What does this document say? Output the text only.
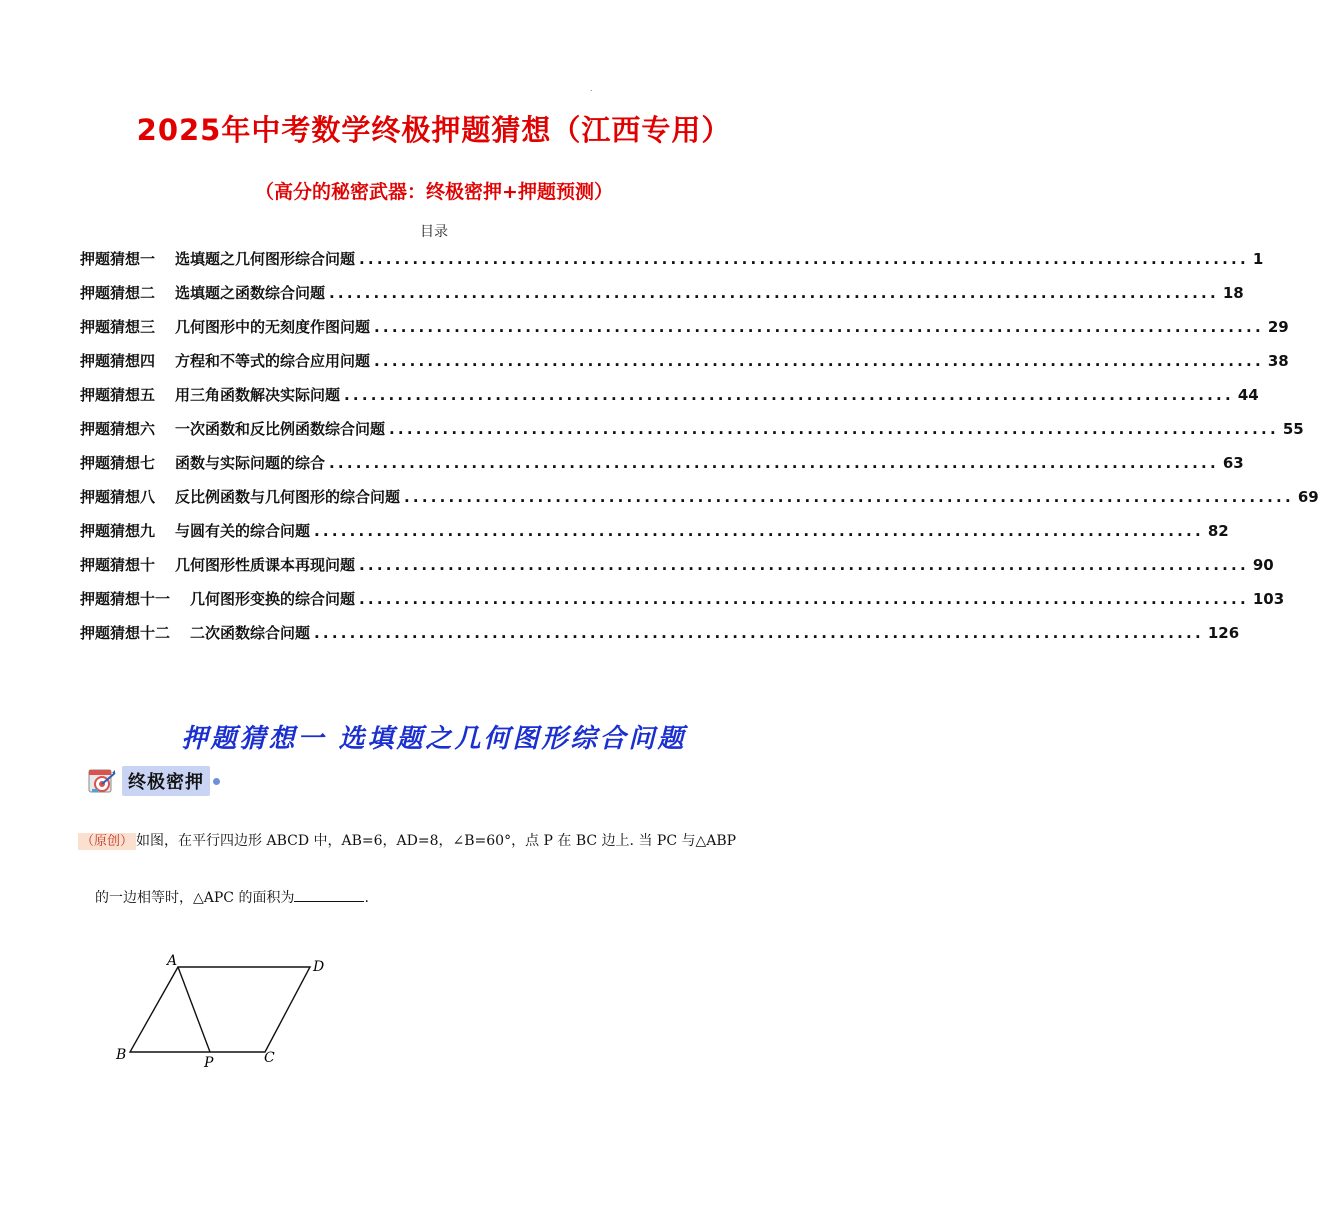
.
2025年中考数学终极押题猜想（江西专用）
（高分的秘密武器：终极密押+押题预测）
目录
押题猜想一 选填题之几何图形综合问题 .................................................................................................... 1
押题猜想二 选填题之函数综合问题 .................................................................................................... 18
押题猜想三 几何图形中的无刻度作图问题 .................................................................................................... 29
押题猜想四 方程和不等式的综合应用问题 .................................................................................................... 38
押题猜想五 用三角函数解决实际问题 .................................................................................................... 44
押题猜想六 一次函数和反比例函数综合问题 .................................................................................................... 55
押题猜想七 函数与实际问题的综合 .................................................................................................... 63
押题猜想八 反比例函数与几何图形的综合问题 .................................................................................................... 69
押题猜想九 与圆有关的综合问题 .................................................................................................... 82
押题猜想十 几何图形性质课本再现问题 .................................................................................................... 90
押题猜想十一 几何图形变换的综合问题 .................................................................................................... 103
押题猜想十二 二次函数综合问题 .................................................................................................... 126
押题猜想一 选填题之几何图形综合问题
终极密押
（原创） 如图，在平行四边形 ABCD 中，AB=6，AD=8，∠B=60°，点 P 在 BC 边上. 当 PC 与△ABP
的一边相等时，△APC 的面积为	.
A	D
B	P	C
